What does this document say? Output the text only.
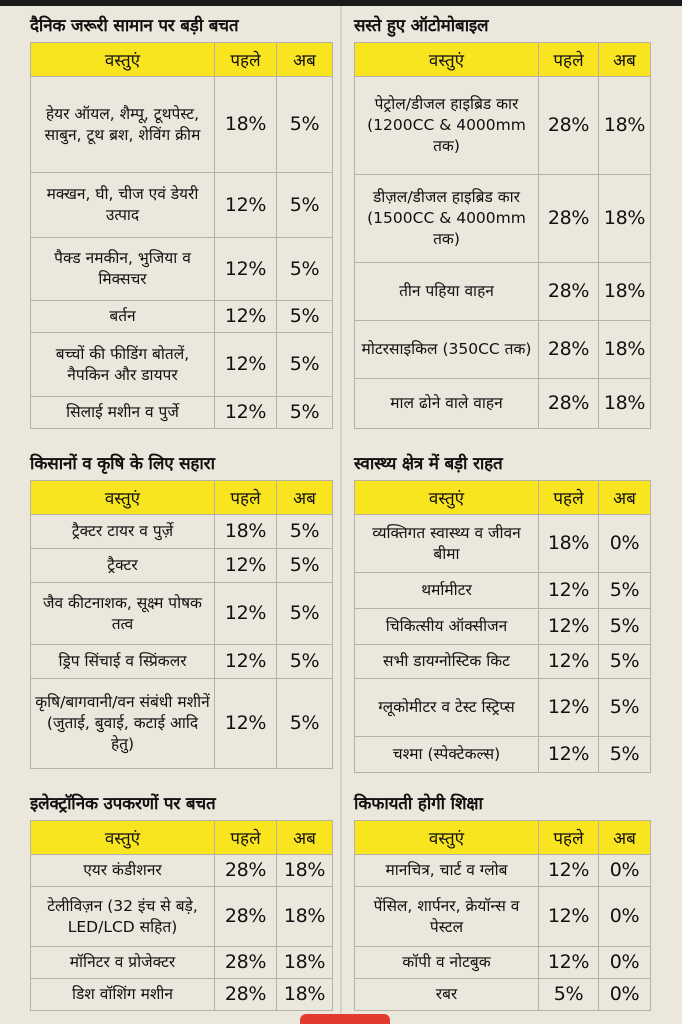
दैनिक जरूरी सामान पर बड़ी बचत
वस्तुएं	पहले	अब
हेयर ऑयल, शैम्पू, टूथपेस्ट, साबुन, टूथ ब्रश, शेविंग क्रीम	18%	5%
मक्खन, घी, चीज एवं डेयरी उत्पाद	12%	5%
पैक्ड नमकीन, भुजिया व मिक्सचर	12%	5%
बर्तन	12%	5%
बच्चों की फीडिंग बोतलें, नैपकिन और डायपर	12%	5%
सिलाई मशीन व पुर्जे	12%	5%
सस्ते हुए ऑटोमोबाइल
वस्तुएं	पहले	अब
पेट्रोल/डीजल हाइब्रिड कार (1200CC & 4000mm तक)	28%	18%
डीज़ल/डीजल हाइब्रिड कार (1500CC & 4000mm तक)	28%	18%
तीन पहिया वाहन	28%	18%
मोटरसाइकिल (350CC तक)	28%	18%
माल ढोने वाले वाहन	28%	18%
किसानों व कृषि के लिए सहारा
वस्तुएं	पहले	अब
ट्रैक्टर टायर व पुर्ज़े	18%	5%
ट्रैक्टर	12%	5%
जैव कीटनाशक, सूक्ष्म पोषक तत्व	12%	5%
ड्रिप सिंचाई व स्प्रिंकलर	12%	5%
कृषि/बागवानी/वन संबंधी मशीनें (जुताई, बुवाई, कटाई आदि हेतु)	12%	5%
स्वास्थ्य क्षेत्र में बड़ी राहत
वस्तुएं	पहले	अब
व्यक्तिगत स्वास्थ्य व जीवन बीमा	18%	0%
थर्मामीटर	12%	5%
चिकित्सीय ऑक्सीजन	12%	5%
सभी डायग्नोस्टिक किट	12%	5%
ग्लूकोमीटर व टेस्ट स्ट्रिप्स	12%	5%
चश्मा (स्पेक्टेकल्स)	12%	5%
इलेक्ट्रॉनिक उपकरणों पर बचत
वस्तुएं	पहले	अब
एयर कंडीशनर	28%	18%
टेलीविज़न (32 इंच से बड़े, LED/LCD सहित)	28%	18%
मॉनिटर व प्रोजेक्टर	28%	18%
डिश वॉशिंग मशीन	28%	18%
किफायती होगी शिक्षा
वस्तुएं	पहले	अब
मानचित्र, चार्ट व ग्लोब	12%	0%
पेंसिल, शार्पनर, क्रेयॉन्स व पेस्टल	12%	0%
कॉपी व नोटबुक	12%	0%
रबर	5%	0%
